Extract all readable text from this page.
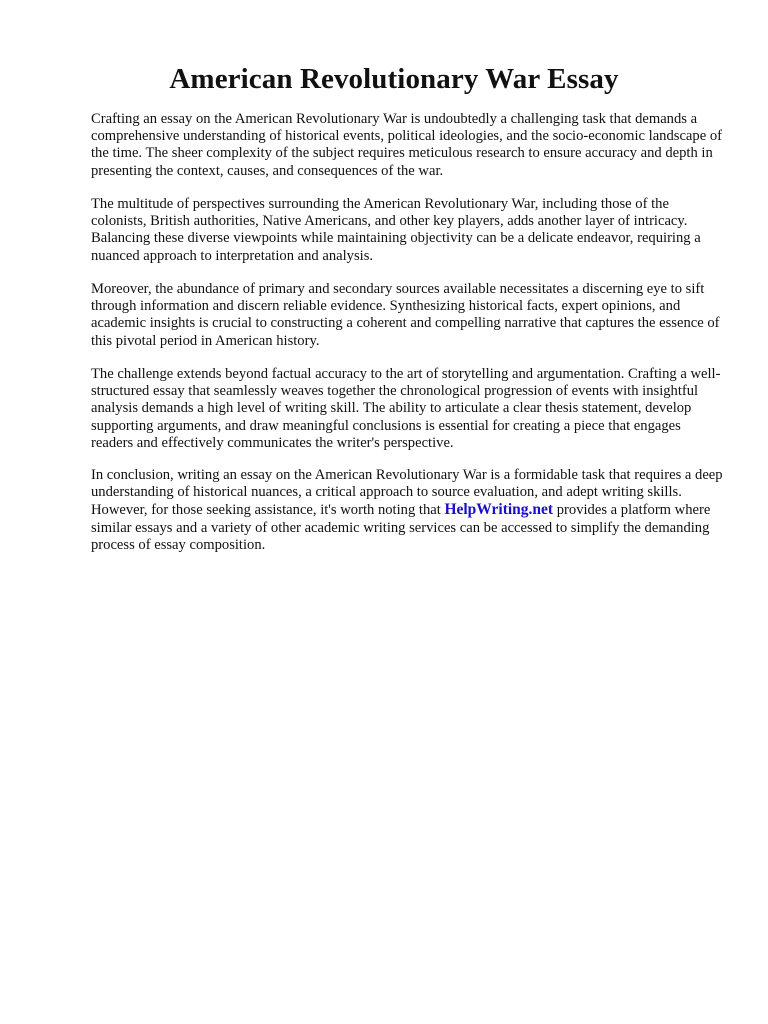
American Revolutionary War Essay

Crafting an essay on the American Revolutionary War is undoubtedly a challenging task that demands a comprehensive understanding of historical events, political ideologies, and the socio-economic landscape of the time. The sheer complexity of the subject requires meticulous research to ensure accuracy and depth in presenting the context, causes, and consequences of the war.

The multitude of perspectives surrounding the American Revolutionary War, including those of the colonists, British authorities, Native Americans, and other key players, adds another layer of intricacy. Balancing these diverse viewpoints while maintaining objectivity can be a delicate endeavor, requiring a nuanced approach to interpretation and analysis.

Moreover, the abundance of primary and secondary sources available necessitates a discerning eye to sift through information and discern reliable evidence. Synthesizing historical facts, expert opinions, and academic insights is crucial to constructing a coherent and compelling narrative that captures the essence of this pivotal period in American history.

The challenge extends beyond factual accuracy to the art of storytelling and argumentation. Crafting a well-structured essay that seamlessly weaves together the chronological progression of events with insightful analysis demands a high level of writing skill. The ability to articulate a clear thesis statement, develop supporting arguments, and draw meaningful conclusions is essential for creating a piece that engages readers and effectively communicates the writer's perspective.

In conclusion, writing an essay on the American Revolutionary War is a formidable task that requires a deep understanding of historical nuances, a critical approach to source evaluation, and adept writing skills. However, for those seeking assistance, it's worth noting that HelpWriting.net provides a platform where similar essays and a variety of other academic writing services can be accessed to simplify the demanding process of essay composition.
